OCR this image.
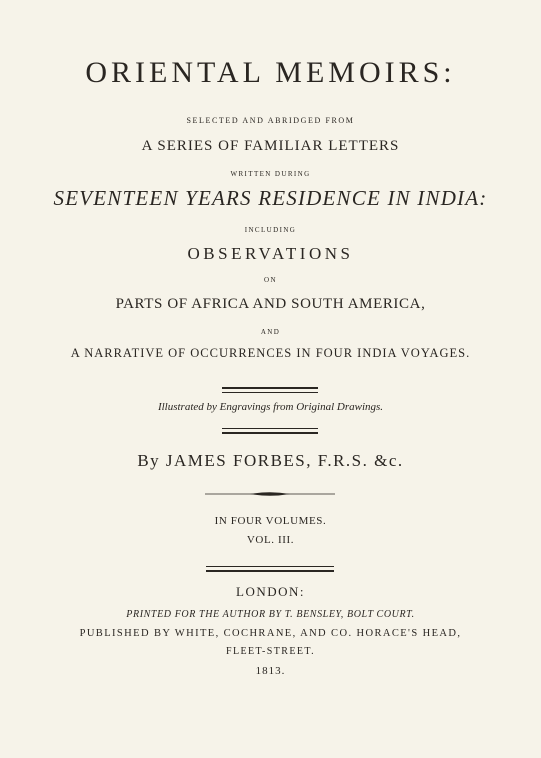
ORIENTAL MEMOIRS:
SELECTED AND ABRIDGED FROM
A SERIES OF FAMILIAR LETTERS
WRITTEN DURING
SEVENTEEN YEARS RESIDENCE IN INDIA:
INCLUDING
OBSERVATIONS
ON
PARTS OF AFRICA AND SOUTH AMERICA,
AND
A NARRATIVE OF OCCURRENCES IN FOUR INDIA VOYAGES.
Illustrated by Engravings from Original Drawings.
By JAMES FORBES, F.R.S. &c.
IN FOUR VOLUMES.
VOL. III.
LONDON:
PRINTED FOR THE AUTHOR BY T. BENSLEY, BOLT COURT.
PUBLISHED BY WHITE, COCHRANE, AND CO. HORACE'S HEAD,
FLEET-STREET.
1813.
